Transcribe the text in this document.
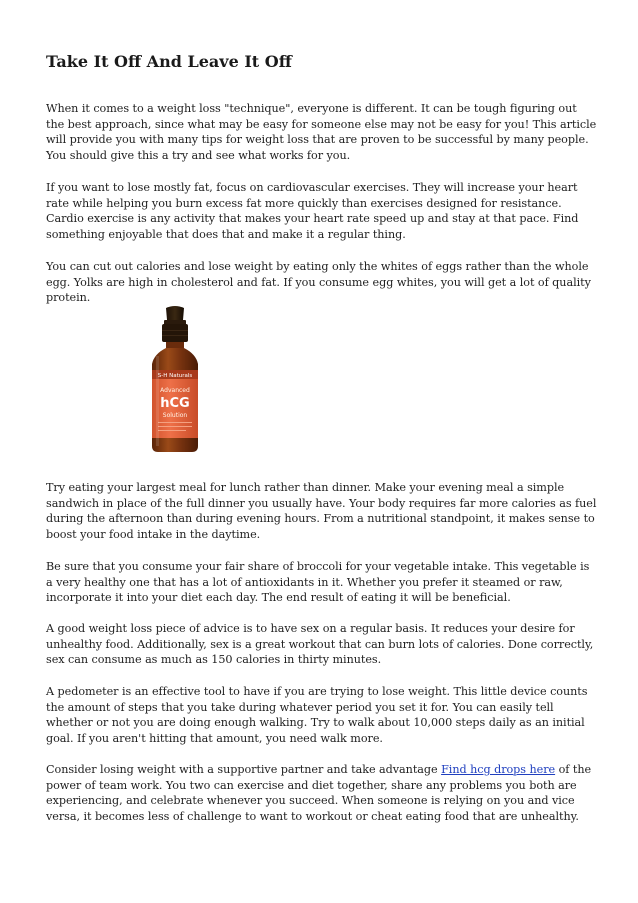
Take It Off And Leave It Off

When it comes to a weight loss "technique", everyone is different. It can be tough figuring out the best approach, since what may be easy for someone else may not be easy for you! This article will provide you with many tips for weight loss that are proven to be successful by many people. You should give this a try and see what works for you.

If you want to lose mostly fat, focus on cardiovascular exercises. They will increase your heart rate while helping you burn excess fat more quickly than exercises designed for resistance. Cardio exercise is any activity that makes your heart rate speed up and stay at that pace. Find something enjoyable that does that and make it a regular thing.

You can cut out calories and lose weight by eating only the whites of eggs rather than the whole egg. Yolks are high in cholesterol and fat. If you consume egg whites, you will get a lot of quality protein.

S-H Naturals
Advanced
hCG
Solution

Try eating your largest meal for lunch rather than dinner. Make your evening meal a simple sandwich in place of the full dinner you usually have. Your body requires far more calories as fuel during the afternoon than during evening hours. From a nutritional standpoint, it makes sense to boost your food intake in the daytime.

Be sure that you consume your fair share of broccoli for your vegetable intake. This vegetable is a very healthy one that has a lot of antioxidants in it. Whether you prefer it steamed or raw, incorporate it into your diet each day. The end result of eating it will be beneficial.

A good weight loss piece of advice is to have sex on a regular basis. It reduces your desire for unhealthy food. Additionally, sex is a great workout that can burn lots of calories. Done correctly, sex can consume as much as 150 calories in thirty minutes.

A pedometer is an effective tool to have if you are trying to lose weight. This little device counts the amount of steps that you take during whatever period you set it for. You can easily tell whether or not you are doing enough walking. Try to walk about 10,000 steps daily as an initial goal. If you aren't hitting that amount, you need walk more.

Consider losing weight with a supportive partner and take advantage Find hcg drops here of the power of team work. You two can exercise and diet together, share any problems you both are experiencing, and celebrate whenever you succeed. When someone is relying on you and vice versa, it becomes less of challenge to want to workout or cheat eating food that are unhealthy.
